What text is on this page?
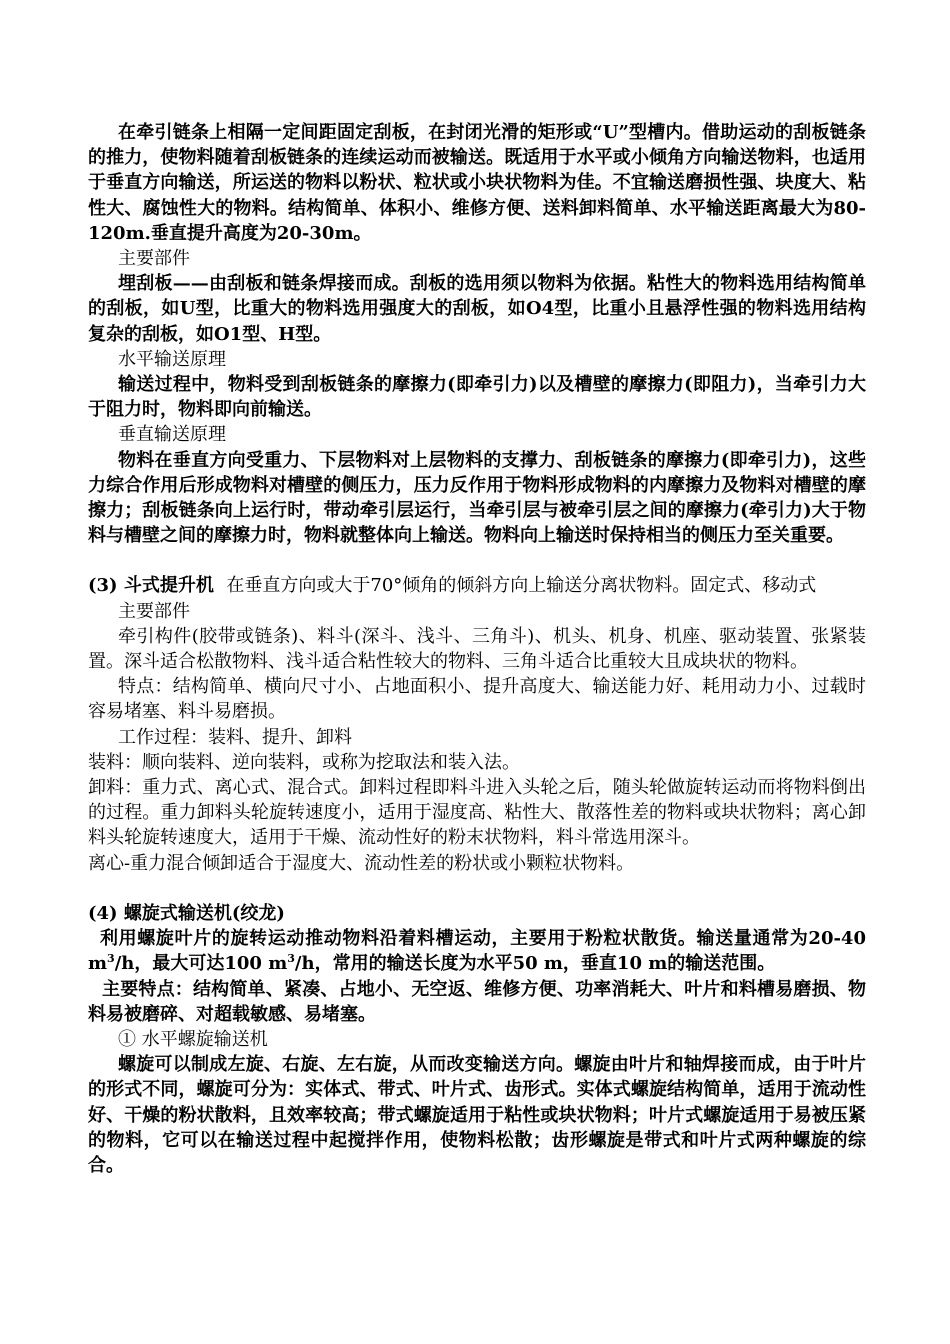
在牵引链条上相隔一定间距固定刮板，在封闭光滑的矩形或“U”型槽内。借助运动的刮板链条的推力，使物料随着刮板链条的连续运动而被输送。既适用于水平或小倾角方向输送物料，也适用于垂直方向输送，所运送的物料以粉状、粒状或小块状物料为佳。不宜输送磨损性强、块度大、粘性大、腐蚀性大的物料。结构简单、体积小、维修方便、送料卸料简单、水平输送距离最大为80-120m.垂直提升高度为20-30m。

主要部件

埋刮板——由刮板和链条焊接而成。刮板的选用须以物料为依据。粘性大的物料选用结构简单的刮板，如U型，比重大的物料选用强度大的刮板，如O4型，比重小且悬浮性强的物料选用结构复杂的刮板，如O1型、H型。

水平输送原理

输送过程中，物料受到刮板链条的摩擦力(即牵引力)以及槽壁的摩擦力(即阻力)，当牵引力大于阻力时，物料即向前输送。

垂直输送原理

物料在垂直方向受重力、下层物料对上层物料的支撑力、刮板链条的摩擦力(即牵引力)，这些力综合作用后形成物料对槽壁的侧压力，压力反作用于物料形成物料的内摩擦力及物料对槽壁的摩擦力；刮板链条向上运行时，带动牵引层运行，当牵引层与被牵引层之间的摩擦力(牵引力)大于物料与槽壁之间的摩擦力时，物料就整体向上输送。物料向上输送时保持相当的侧压力至关重要。

(3) 斗式提升机 在垂直方向或大于70°倾角的倾斜方向上输送分离状物料。固定式、移动式

主要部件

牵引构件(胶带或链条)、料斗(深斗、浅斗、三角斗)、机头、机身、机座、驱动装置、张紧装置。深斗适合松散物料、浅斗适合粘性较大的物料、三角斗适合比重较大且成块状的物料。

特点：结构简单、横向尺寸小、占地面积小、提升高度大、输送能力好、耗用动力小、过载时容易堵塞、料斗易磨损。

工作过程：装料、提升、卸料

装料：顺向装料、逆向装料，或称为挖取法和装入法。

卸料：重力式、离心式、混合式。卸料过程即料斗进入头轮之后，随头轮做旋转运动而将物料倒出的过程。重力卸料头轮旋转速度小，适用于湿度高、粘性大、散落性差的物料或块状物料；离心卸料头轮旋转速度大，适用于干燥、流动性好的粉末状物料，料斗常选用深斗。

离心-重力混合倾卸适合于湿度大、流动性差的粉状或小颗粒状物料。

(4) 螺旋式输送机(绞龙)

利用螺旋叶片的旋转运动推动物料沿着料槽运动，主要用于粉粒状散货。输送量通常为20-40 $m^3/h$，最大可达100 $m^3/h$，常用的输送长度为水平50 m，垂直10 m的输送范围。

主要特点：结构简单、紧凑、占地小、无空返、维修方便、功率消耗大、叶片和料槽易磨损、物料易被磨碎、对超载敏感、易堵塞。

① 水平螺旋输送机

螺旋可以制成左旋、右旋、左右旋，从而改变输送方向。螺旋由叶片和轴焊接而成，由于叶片的形式不同，螺旋可分为：实体式、带式、叶片式、齿形式。实体式螺旋结构简单，适用于流动性好、干燥的粉状散料，且效率较高；带式螺旋适用于粘性或块状物料；叶片式螺旋适用于易被压紧的物料，它可以在输送过程中起搅拌作用，使物料松散；齿形螺旋是带式和叶片式两种螺旋的综合。
